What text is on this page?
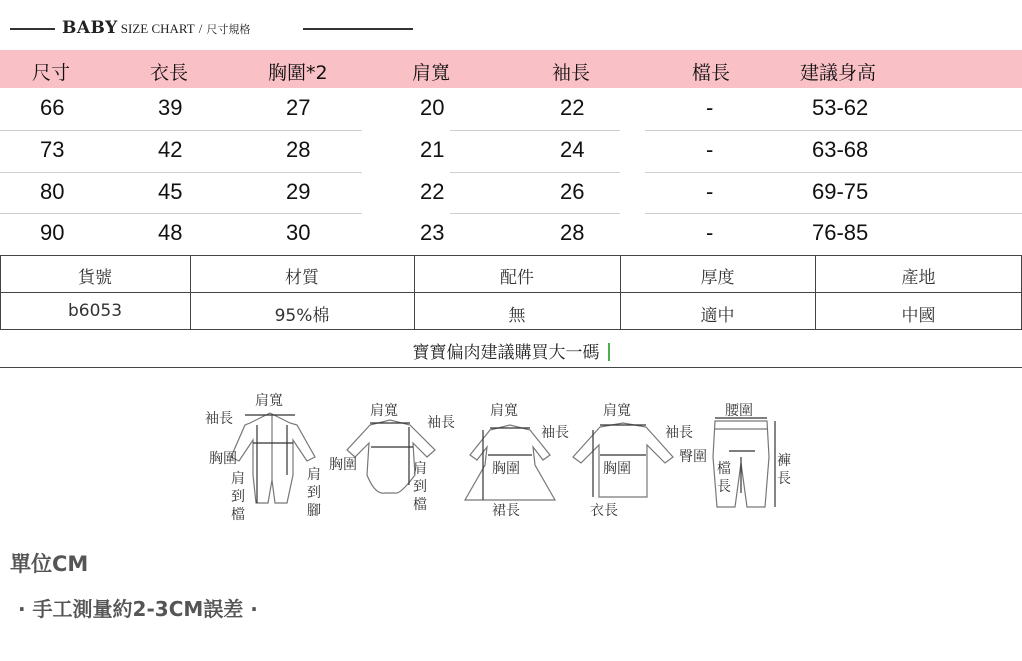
BABY SIZE CHART / 尺寸規格
尺寸	衣長	胸圍*2	肩寬	袖長	檔長	建議身高
66	39	27	20	22	-	53-62
73	42	28	21	24	-	63-68
80	45	29	22	26	-	69-75
90	48	30	23	28	-	76-85
貨號	材質	配件	厚度	產地
b6053	95%棉	無	適中	中國
寶寶偏肉建議購買大一碼
肩寬
袖長
胸圍
肩
到
檔
肩
到
腳
肩寬
袖長
胸圍	肩
到
檔
肩寬
袖長
胸圍
裙長
肩寬
袖長
胸圍
衣長
腰圍
臀圍
檔
長
褲
長
單位CM
· 手工測量約2-3CM誤差 ·
